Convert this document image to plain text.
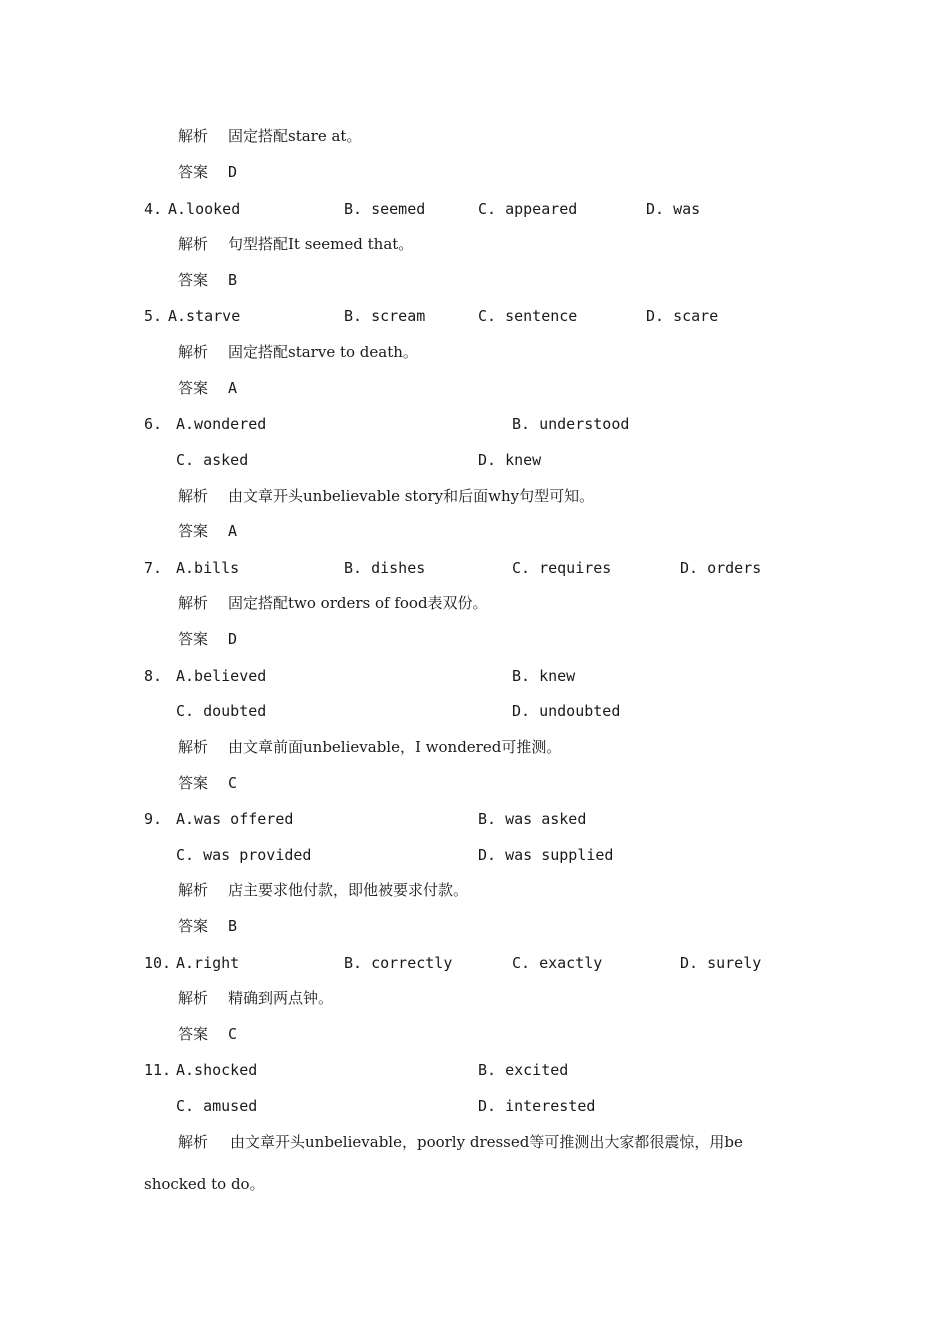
解析 固定搭配stare at。
答案 D
4. A.looked	B. seemed	C. appeared	D. was
解析 句型搭配It seemed that。
答案 B
5. A.starve	B. scream	C. sentence	D. scare
解析 固定搭配starve to death。
答案 A
6. A.wondered	B. understood
C. asked	D. knew
解析 由文章开头unbelievable story和后面why句型可知。
答案 A
7. A.bills	B. dishes	C. requires	D. orders
解析 固定搭配two orders of food表双份。
答案 D
8. A.believed	B. knew
C. doubted	D. undoubted
解析 由文章前面unbelievable，I wondered可推测。
答案 C
9. A.was offered	B. was asked
C. was provided	D. was supplied
解析 店主要求他付款，即他被要求付款。
答案 B
10. A.right	B. correctly	C. exactly	D. surely
解析 精确到两点钟。
答案 C
11. A.shocked	B. excited
C. amused	D. interested
解析 由文章开头unbelievable，poorly dressed等可推测出大家都很震惊，用be
shocked to do。
